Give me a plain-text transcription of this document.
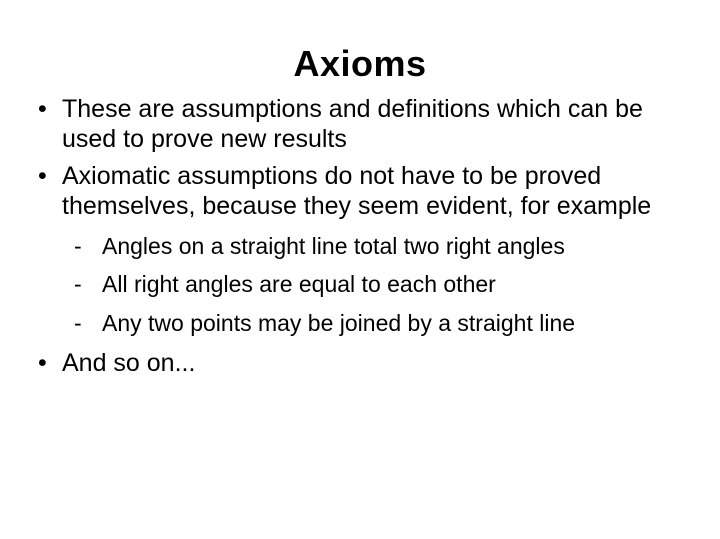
Axioms
• These are assumptions and definitions which can be used to prove new results
• Axiomatic assumptions do not have to be proved themselves, because they seem evident, for example
- Angles on a straight line total two right angles
- All right angles are equal to each other
- Any two points may be joined by a straight line
• And so on...
